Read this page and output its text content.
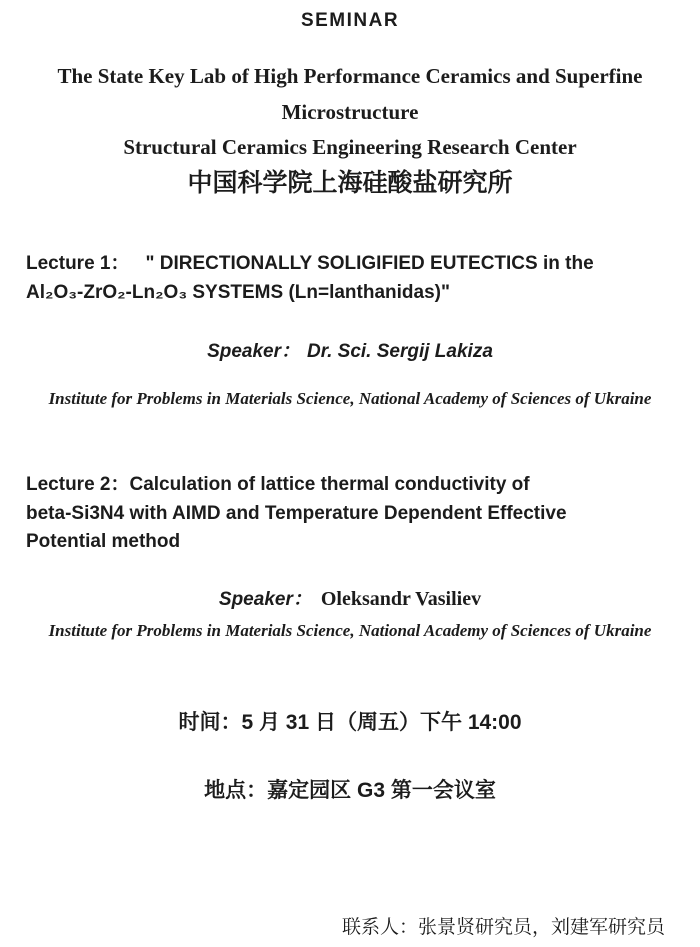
SEMINAR
The State Key Lab of High Performance Ceramics and Superfine
Microstructure
Structural Ceramics Engineering Research Center
中国科学院上海硅酸盐研究所
Lecture 1： " DIRECTIONALLY SOLIGIFIED EUTECTICS in the
Al₂O₃-ZrO₂-Ln₂O₃ SYSTEMS (Ln=lanthanidas)"
Speaker： Dr. Sci. Sergij Lakiza
Institute for Problems in Materials Science, National Academy of Sciences of Ukraine
Lecture 2：Calculation of lattice thermal conductivity of
beta-Si3N4 with AIMD and Temperature Dependent Effective
Potential method
Speaker： Oleksandr Vasiliev
Institute for Problems in Materials Science, National Academy of Sciences of Ukraine
时间：5 月 31 日（周五）下午 14:00
地点：嘉定园区 G3 第一会议室
联系人：张景贤研究员，刘建军研究员
